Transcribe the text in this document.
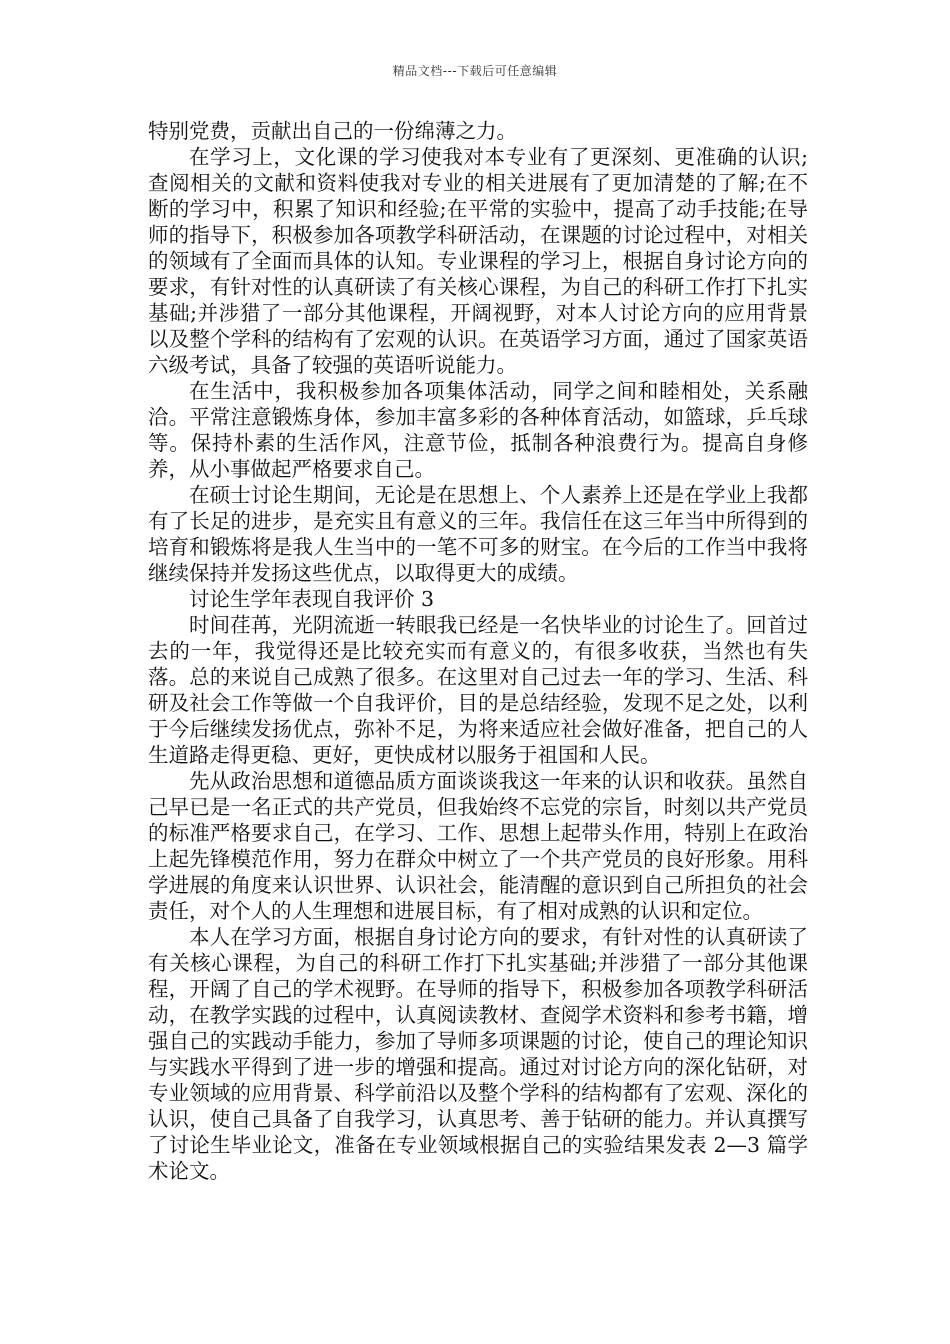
精品文档---下载后可任意编辑

特别党费，贡献出自己的一份绵薄之力。

在学习上，文化课的学习使我对本专业有了更深刻、更准确的认识;查阅相关的文献和资料使我对专业的相关进展有了更加清楚的了解;在不断的学习中，积累了知识和经验;在平常的实验中，提高了动手技能;在导师的指导下，积极参加各项教学科研活动，在课题的讨论过程中，对相关的领域有了全面而具体的认知。专业课程的学习上，根据自身讨论方向的要求，有针对性的认真研读了有关核心课程，为自己的科研工作打下扎实基础;并涉猎了一部分其他课程，开阔视野，对本人讨论方向的应用背景以及整个学科的结构有了宏观的认识。在英语学习方面，通过了国家英语六级考试，具备了较强的英语听说能力。

在生活中，我积极参加各项集体活动，同学之间和睦相处，关系融洽。平常注意锻炼身体，参加丰富多彩的各种体育活动，如篮球，乒乓球等。保持朴素的生活作风，注意节俭，抵制各种浪费行为。提高自身修养，从小事做起严格要求自己。

在硕士讨论生期间，无论是在思想上、个人素养上还是在学业上我都有了长足的进步，是充实且有意义的三年。我信任在这三年当中所得到的培育和锻炼将是我人生当中的一笔不可多的财宝。在今后的工作当中我将继续保持并发扬这些优点，以取得更大的成绩。

讨论生学年表现自我评价 3

时间荏苒，光阴流逝一转眼我已经是一名快毕业的讨论生了。回首过去的一年，我觉得还是比较充实而有意义的，有很多收获，当然也有失落。总的来说自己成熟了很多。在这里对自己过去一年的学习、生活、科研及社会工作等做一个自我评价，目的是总结经验，发现不足之处，以利于今后继续发扬优点，弥补不足，为将来适应社会做好准备，把自己的人生道路走得更稳、更好，更快成材以服务于祖国和人民。

先从政治思想和道德品质方面谈谈我这一年来的认识和收获。虽然自己早已是一名正式的共产党员，但我始终不忘党的宗旨，时刻以共产党员的标准严格要求自己，在学习、工作、思想上起带头作用，特别上在政治上起先锋模范作用，努力在群众中树立了一个共产党员的良好形象。用科学进展的角度来认识世界、认识社会，能清醒的意识到自己所担负的社会责任，对个人的人生理想和进展目标，有了相对成熟的认识和定位。

本人在学习方面，根据自身讨论方向的要求，有针对性的认真研读了有关核心课程，为自己的科研工作打下扎实基础;并涉猎了一部分其他课程，开阔了自己的学术视野。在导师的指导下，积极参加各项教学科研活动，在教学实践的过程中，认真阅读教材、查阅学术资料和参考书籍，增强自己的实践动手能力，参加了导师多项课题的讨论，使自己的理论知识与实践水平得到了进一步的增强和提高。通过对讨论方向的深化钻研，对专业领域的应用背景、科学前沿以及整个学科的结构都有了宏观、深化的认识，使自己具备了自我学习，认真思考、善于钻研的能力。并认真撰写了讨论生毕业论文，准备在专业领域根据自己的实验结果发表 2—3 篇学术论文。
